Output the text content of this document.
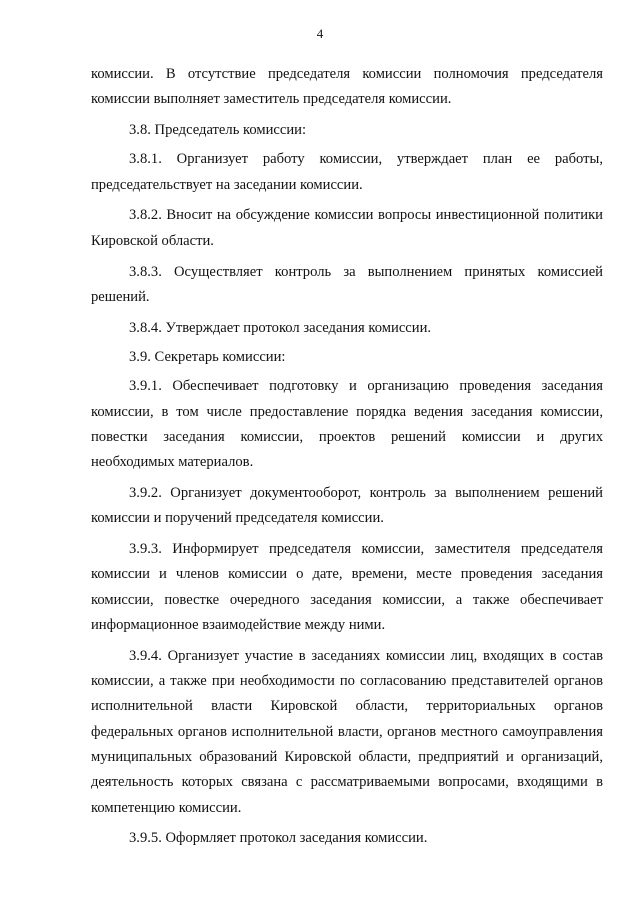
4

комиссии. В отсутствие председателя комиссии полномочия председателя комиссии выполняет заместитель председателя комиссии.

3.8. Председатель комиссии:

3.8.1. Организует работу комиссии, утверждает план ее работы, председательствует на заседании комиссии.

3.8.2. Вносит на обсуждение комиссии вопросы инвестиционной политики Кировской области.

3.8.3. Осуществляет контроль за выполнением принятых комиссией решений.

3.8.4. Утверждает протокол заседания комиссии.

3.9. Секретарь комиссии:

3.9.1. Обеспечивает подготовку и организацию проведения заседания комиссии, в том числе предоставление порядка ведения заседания комиссии, повестки заседания комиссии, проектов решений комиссии и других необходимых материалов.

3.9.2. Организует документооборот, контроль за выполнением решений комиссии и поручений председателя комиссии.

3.9.3. Информирует председателя комиссии, заместителя председателя комиссии и членов комиссии о дате, времени, месте проведения заседания комиссии, повестке очередного заседания комиссии, а также обеспечивает информационное взаимодействие между ними.

3.9.4. Организует участие в заседаниях комиссии лиц, входящих в состав комиссии, а также при необходимости по согласованию представителей органов исполнительной власти Кировской области, территориальных органов федеральных органов исполнительной власти, органов местного самоуправления муниципальных образований Кировской области, предприятий и организаций, деятельность которых связана с рассматриваемыми вопросами, входящими в компетенцию комиссии.

3.9.5. Оформляет протокол заседания комиссии.
